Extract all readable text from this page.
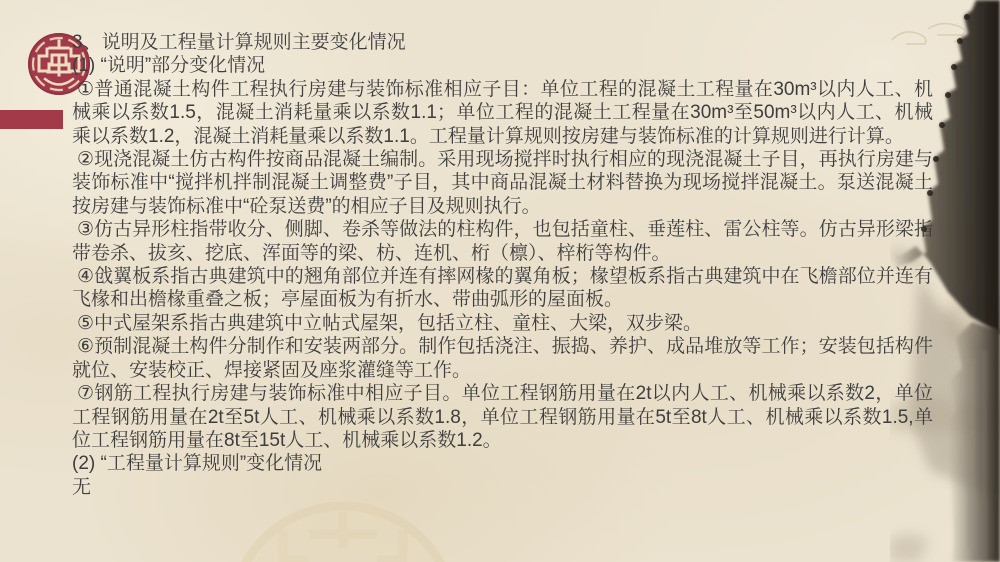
3、说明及工程量计算规则主要变化情况
(1) “说明”部分变化情况

①普通混凝土构件工程执行房建与装饰标准相应子目：单位工程的混凝土工程量在30m³以内人工、机械乘以系数1.5，混凝土消耗量乘以系数1.1；单位工程的混凝土工程量在30m³至50m³以内人工、机械乘以系数1.2，混凝土消耗量乘以系数1.1。工程量计算规则按房建与装饰标准的计算规则进行计算。

②现浇混凝土仿古构件按商品混凝土编制。采用现场搅拌时执行相应的现浇混凝土子目，再执行房建与装饰标准中“搅拌机拌制混凝土调整费”子目，其中商品混凝土材料替换为现场搅拌混凝土。泵送混凝土按房建与装饰标准中“砼泵送费”的相应子目及规则执行。

③仿古异形柱指带收分、侧脚、卷杀等做法的柱构件，也包括童柱、垂莲柱、雷公柱等。仿古异形梁指带卷杀、拔亥、挖底、浑面等的梁、枋、连机、桁（檩）、梓桁等构件。

④戗翼板系指古典建筑中的翘角部位并连有摔网椽的翼角板；椽望板系指古典建筑中在飞檐部位并连有飞椽和出檐椽重叠之板；亭屋面板为有折水、带曲弧形的屋面板。

⑤中式屋架系指古典建筑中立帖式屋架，包括立柱、童柱、大梁，双步梁。

⑥预制混凝土构件分制作和安装两部分。制作包括浇注、振捣、养护、成品堆放等工作；安装包括构件就位、安装校正、焊接紧固及座浆灌缝等工作。

⑦钢筋工程执行房建与装饰标准中相应子目。单位工程钢筋用量在2t以内人工、机械乘以系数2，单位工程钢筋用量在2t至5t人工、机械乘以系数1.8，单位工程钢筋用量在5t至8t人工、机械乘以系数1.5,单位工程钢筋用量在8t至15t人工、机械乘以系数1.2。

(2) “工程量计算规则”变化情况
无
